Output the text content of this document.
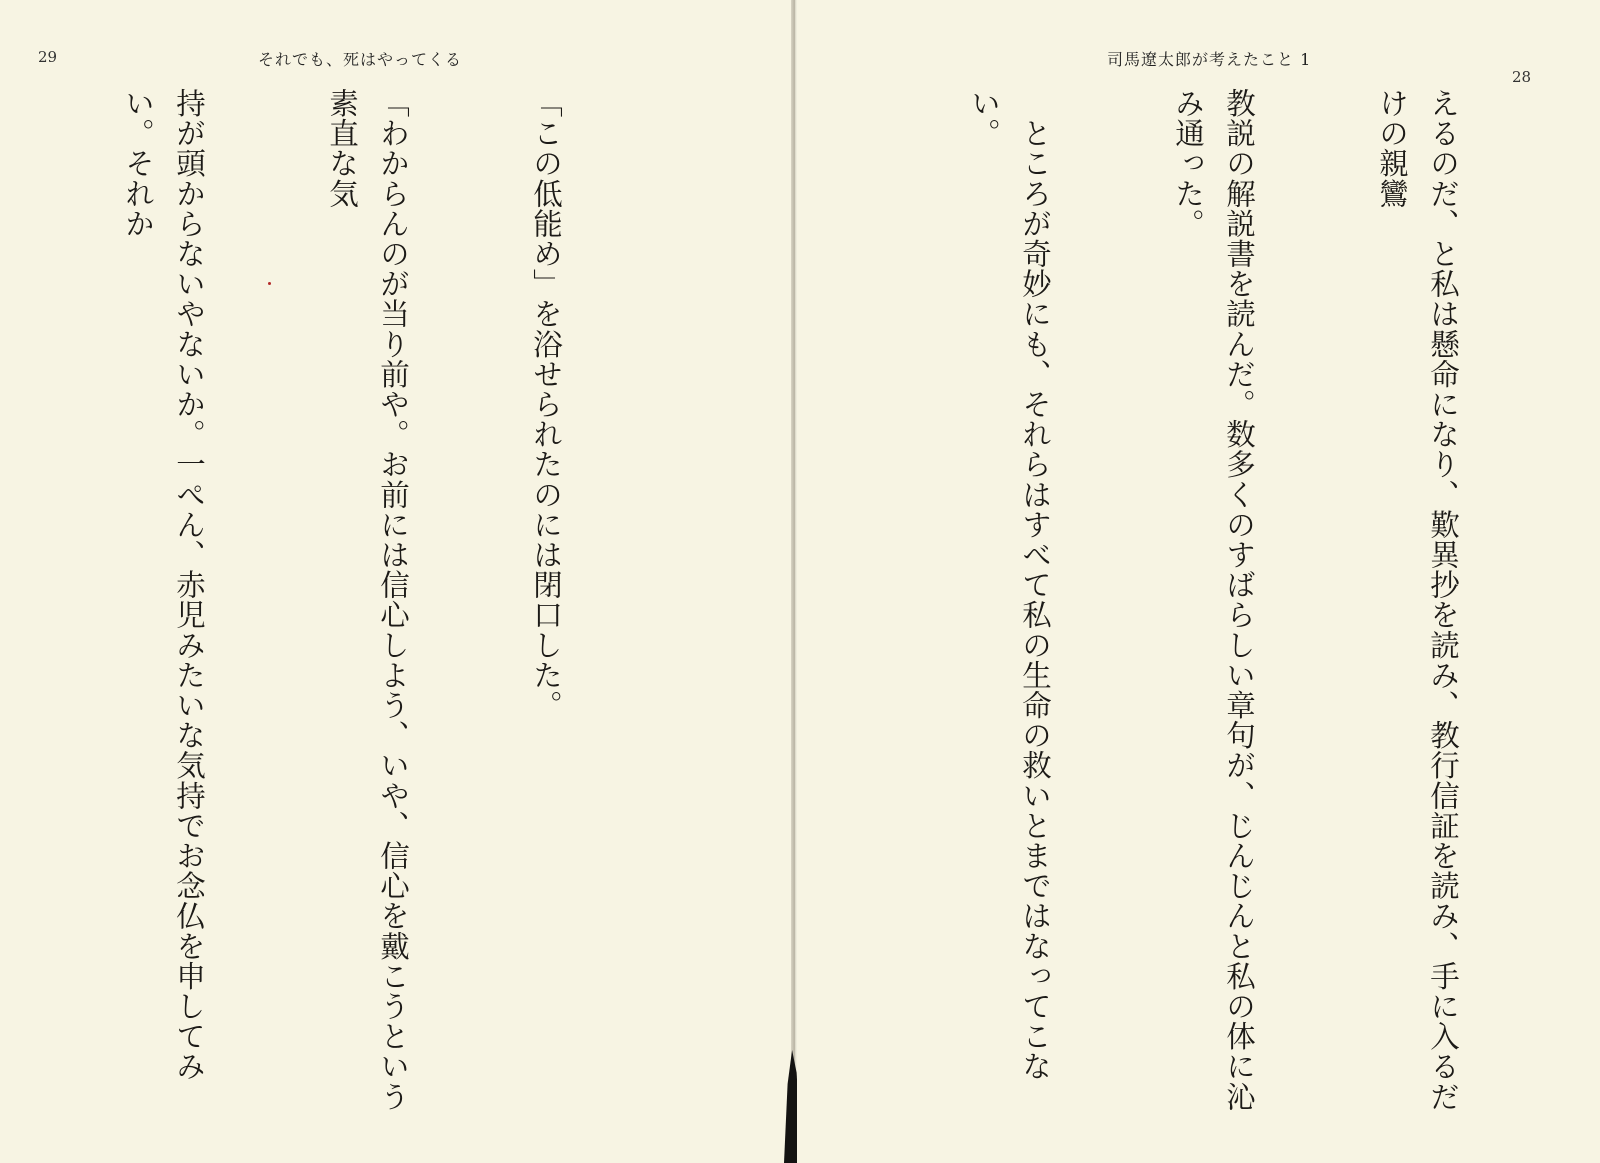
29	それでも、死はやってくる

「この低能め」を浴せられたのには閉口した。

「わからんのが当り前や。お前には信心しよう、いや、信心を戴こうという素直な気

持が頭からないやないか。一ぺん、赤児みたいな気持でお念仏を申してみい。それか

司馬遼太郎が考えたこと 1
28

えるのだ、と私は懸命になり、歎異抄を読み、教行信証を読み、手に入るだけの親鸞

教説の解説書を読んだ。数多くのすばらしい章句が、じんじんと私の体に沁み通った。

　ところが奇妙にも、それらはすべて私の生命の救いとまではなってこない。
